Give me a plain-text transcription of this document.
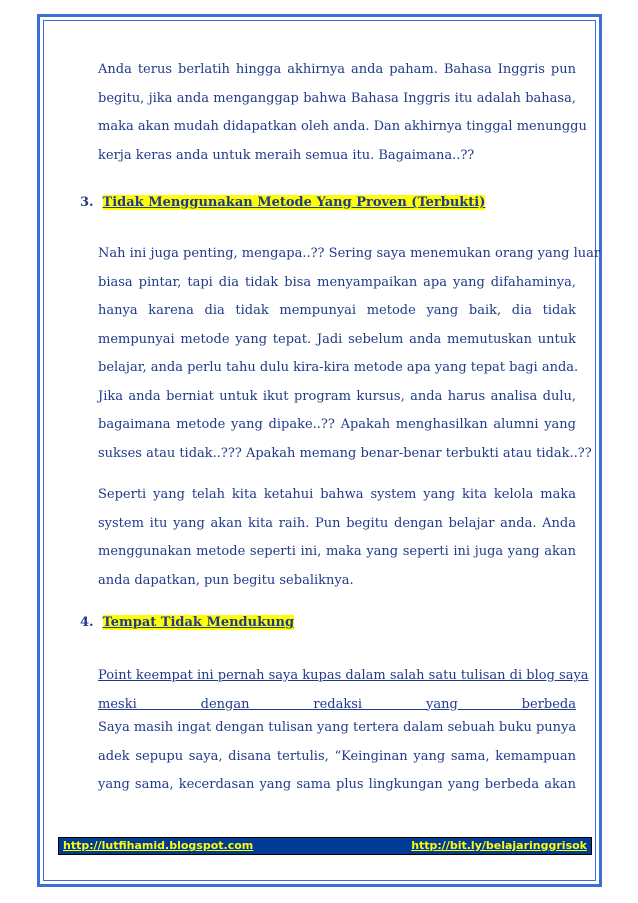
Anda terus berlatih hingga akhirnya anda paham. Bahasa Inggris pun
begitu, jika anda menganggap bahwa Bahasa Inggris itu adalah bahasa,
maka akan mudah didapatkan oleh anda. Dan akhirnya tinggal menunggu
kerja keras anda untuk meraih semua itu. Bagaimana..??
3. Tidak Menggunakan Metode Yang Proven (Terbukti)
Nah ini juga penting, mengapa..?? Sering saya menemukan orang yang luar
biasa pintar, tapi dia tidak bisa menyampaikan apa yang difahaminya,
hanya karena dia tidak mempunyai metode yang baik, dia tidak
mempunyai metode yang tepat. Jadi sebelum anda memutuskan untuk
belajar, anda perlu tahu dulu kira-kira metode apa yang tepat bagi anda.
Jika anda berniat untuk ikut program kursus, anda harus analisa dulu,
bagaimana metode yang dipake..?? Apakah menghasilkan alumni yang
sukses atau tidak..??? Apakah memang benar-benar terbukti atau tidak..??
Seperti yang telah kita ketahui bahwa system yang kita kelola maka
system itu yang akan kita raih. Pun begitu dengan belajar anda. Anda
menggunakan metode seperti ini, maka yang seperti ini juga yang akan
anda dapatkan, pun begitu sebaliknya.
4. Tempat Tidak Mendukung
Point keempat ini pernah saya kupas dalam salah satu tulisan di blog saya
meski dengan redaksi yang berbeda
Saya masih ingat dengan tulisan yang tertera dalam sebuah buku punya
adek sepupu saya, disana tertulis, “Keinginan yang sama, kemampuan
yang sama, kecerdasan yang sama plus lingkungan yang berbeda akan
http://lutfihamid.blogspot.com	http://bit.ly/belajaringgrisok
